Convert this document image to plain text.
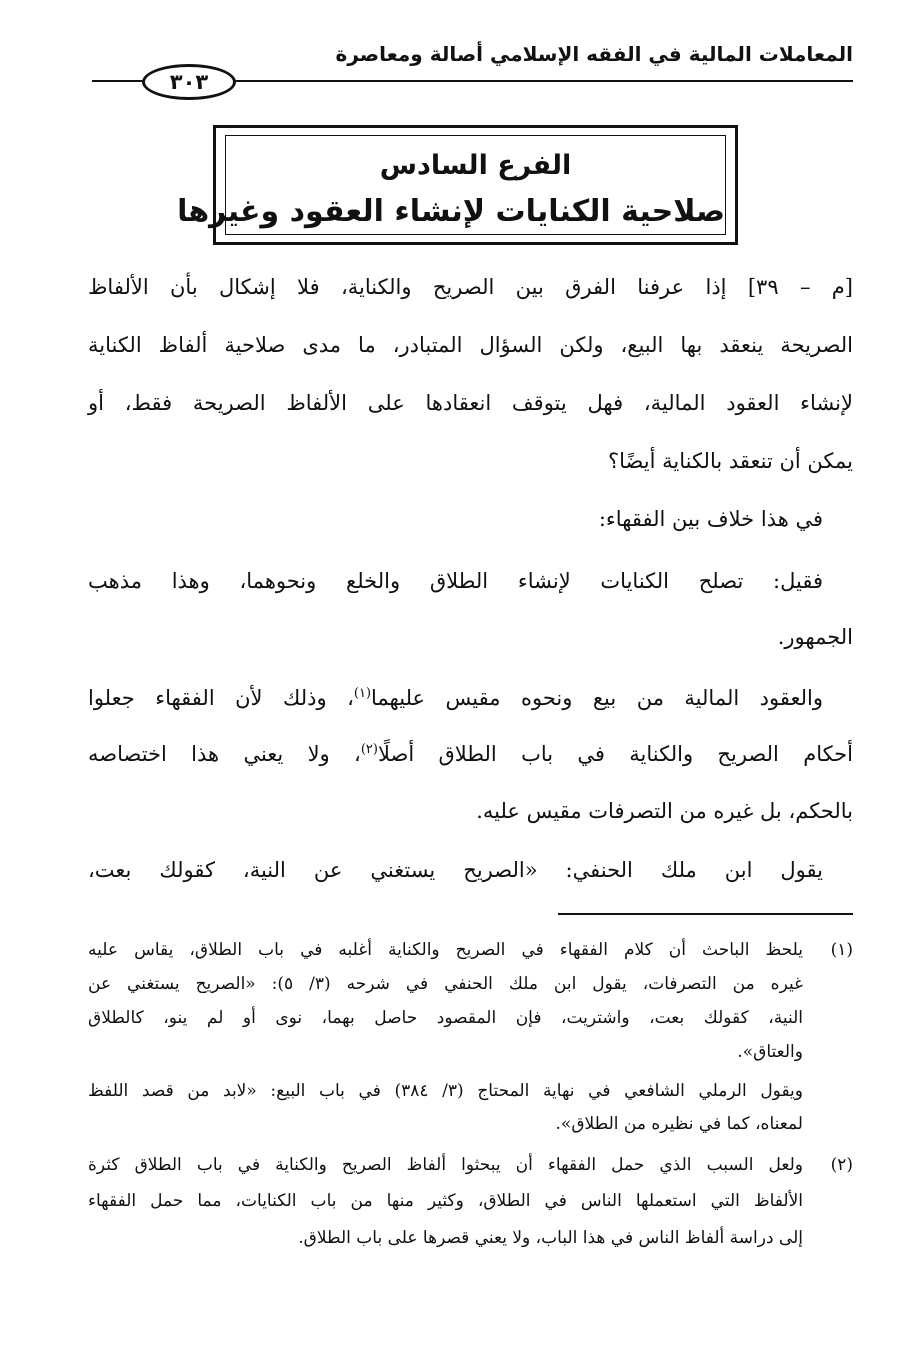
المعاملات المالية في الفقه الإسلامي أصالة ومعاصرة
٣٠٣
الفرع السادس
صلاحية الكنايات لإنشاء العقود وغيرها
[م – ٣٩] إذا عرفنا الفرق بين الصريح والكناية، فلا إشكال بأن الألفاظ
الصريحة ينعقد بها البيع، ولكن السؤال المتبادر، ما مدى صلاحية ألفاظ الكناية
لإنشاء العقود المالية، فهل يتوقف انعقادها على الألفاظ الصريحة فقط، أو
يمكن أن تنعقد بالكناية أيضًا؟
في هذا خلاف بين الفقهاء:
فقيل: تصلح الكنايات لإنشاء الطلاق والخلع ونحوهما، وهذا مذهب
الجمهور.
والعقود المالية من بيع ونحوه مقيس عليهما$^{(١)}$، وذلك لأن الفقهاء جعلوا
أحكام الصريح والكناية في باب الطلاق أصلًا$^{(٢)}$، ولا يعني هذا اختصاصه
بالحكم، بل غيره من التصرفات مقيس عليه.
يقول ابن ملك الحنفي: «الصريح يستغني عن النية، كقولك بعت،
(١)
يلحظ الباحث أن كلام الفقهاء في الصريح والكناية أغلبه في باب الطلاق، يقاس عليه
غيره من التصرفات، يقول ابن ملك الحنفي في شرحه (٣/ ٥): «الصريح يستغني عن
النية، كقولك بعت، واشتريت، فإن المقصود حاصل بهما، نوى أو لم ينو، كالطلاق
والعتاق».
ويقول الرملي الشافعي في نهاية المحتاج (٣/ ٣٨٤) في باب البيع: «لابد من قصد اللفظ
لمعناه، كما في نظيره من الطلاق».
(٢)
ولعل السبب الذي حمل الفقهاء أن يبحثوا ألفاظ الصريح والكناية في باب الطلاق كثرة
الألفاظ التي استعملها الناس في الطلاق، وكثير منها من باب الكنايات، مما حمل الفقهاء
إلى دراسة ألفاظ الناس في هذا الباب، ولا يعني قصرها على باب الطلاق.
